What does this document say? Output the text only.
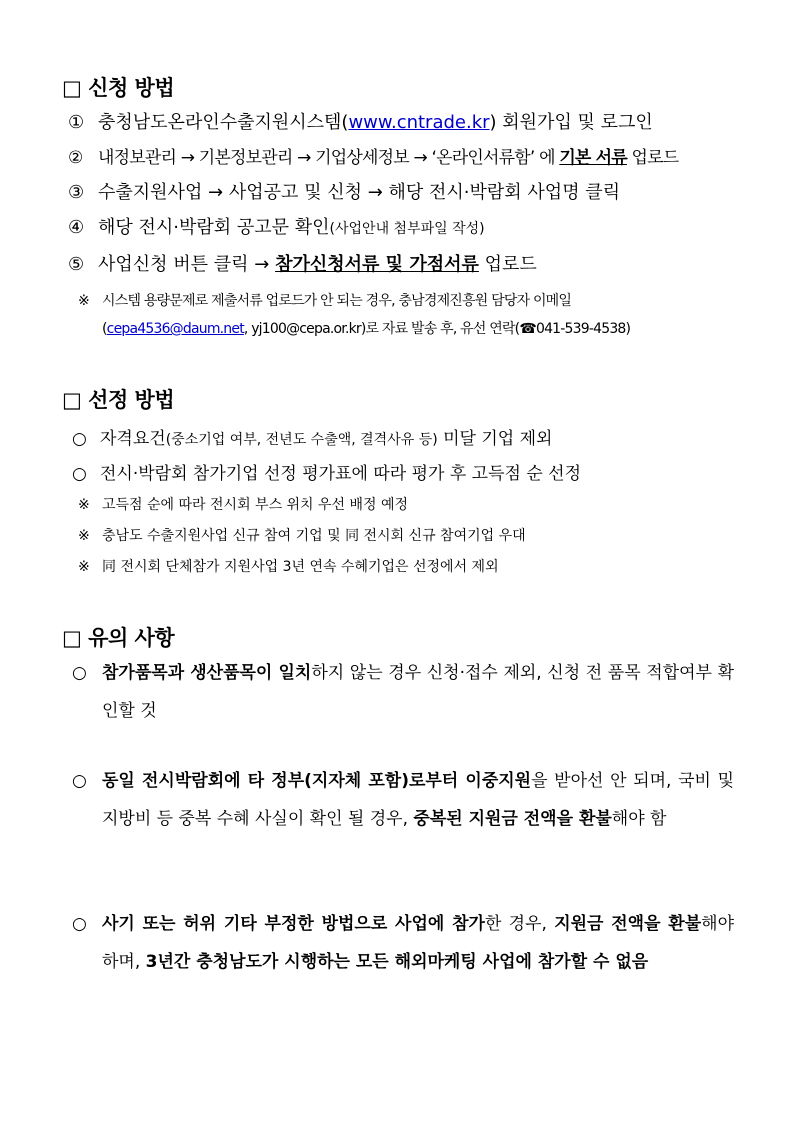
□ 신청 방법
① 충청남도온라인수출지원시스템(www.cntrade.kr) 회원가입 및 로그인
② 내정보관리 → 기본정보관리 → 기업상세정보 → ‘온라인서류함’ 에 기본 서류 업로드
③ 수출지원사업 → 사업공고 및 신청 → 해당 전시·박람회 사업명 클릭
④ 해당 전시·박람회 공고문 확인(사업안내 첨부파일 작성)
⑤ 사업신청 버튼 클릭 → 참가신청서류 및 가점서류 업로드
※ 시스템 용량문제로 제출서류 업로드가 안 되는 경우, 충남경제진흥원 담당자 이메일
(cepa4536@daum.net, yj100@cepa.or.kr)로 자료 발송 후, 유선 연락(☎041-539-4538)
□ 선정 방법
○ 자격요건(중소기업 여부, 전년도 수출액, 결격사유 등) 미달 기업 제외
○ 전시·박람회 참가기업 선정 평가표에 따라 평가 후 고득점 순 선정
※ 고득점 순에 따라 전시회 부스 위치 우선 배정 예정
※ 충남도 수출지원사업 신규 참여 기업 및 同 전시회 신규 참여기업 우대
※ 同 전시회 단체참가 지원사업 3년 연속 수혜기업은 선정에서 제외
□ 유의 사항
○ 참가품목과 생산품목이 일치하지 않는 경우 신청·접수 제외, 신청 전 품목 적합여부 확인할 것
○ 동일 전시박람회에 타 정부(지자체 포함)로부터 이중지원을 받아선 안 되며, 국비 및 지방비 등 중복 수혜 사실이 확인 될 경우, 중복된 지원금 전액을 환불해야 함
○ 사기 또는 허위 기타 부정한 방법으로 사업에 참가한 경우, 지원금 전액을 환불해야 하며, 3년간 충청남도가 시행하는 모든 해외마케팅 사업에 참가할 수 없음
